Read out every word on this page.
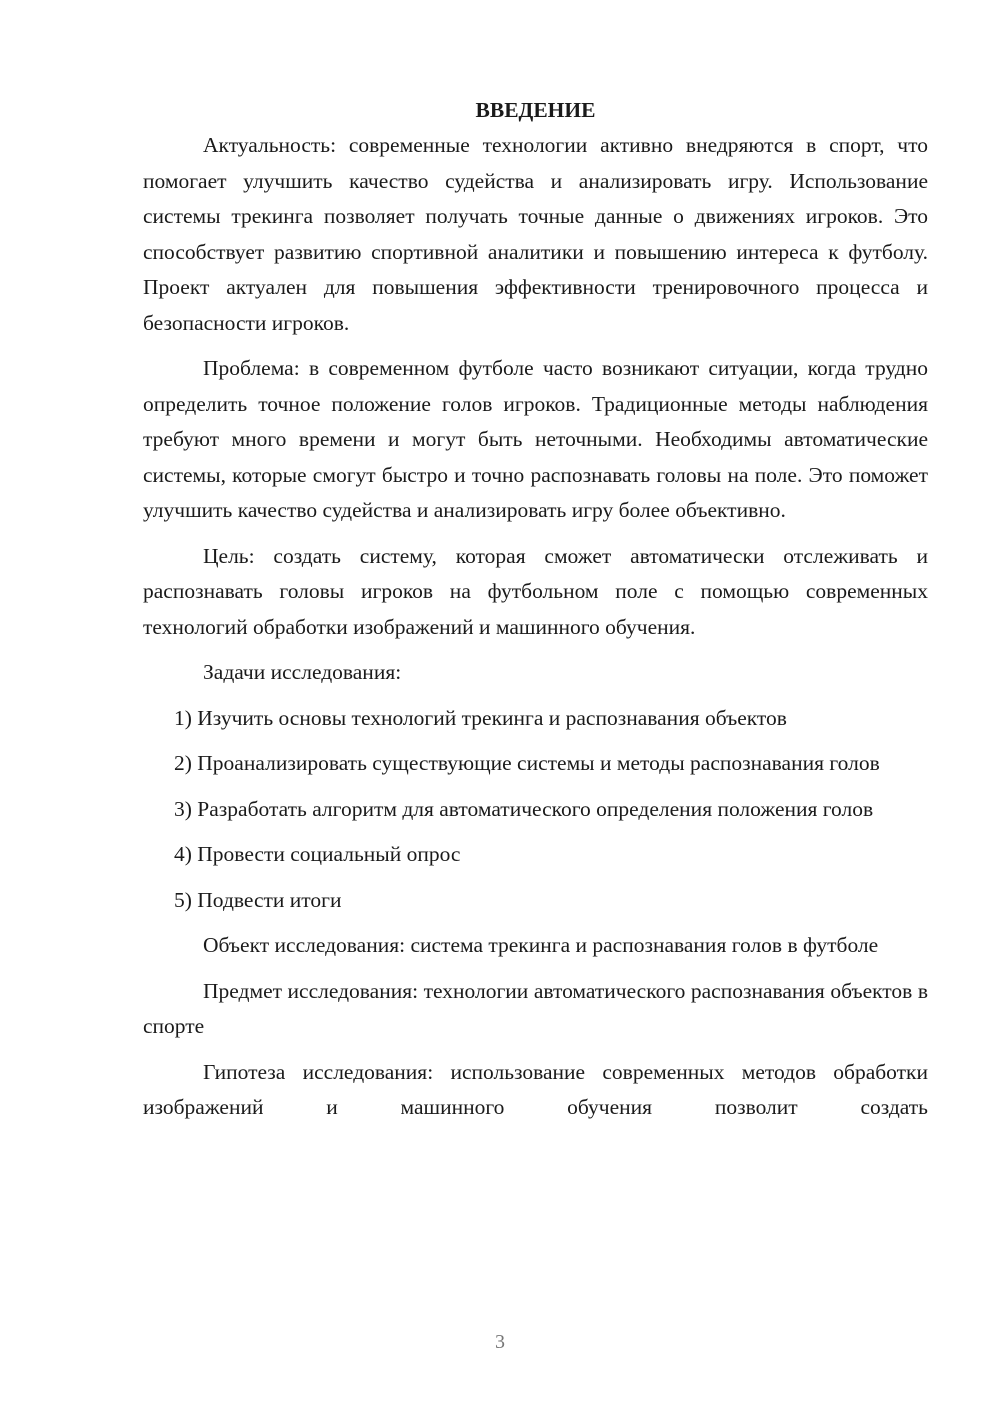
ВВЕДЕНИЕ

Актуальность: современные технологии активно внедряются в спорт, что помогает улучшить качество судейства и анализировать игру. Использование системы трекинга позволяет получать точные данные о движениях игроков. Это способствует развитию спортивной аналитики и повышению интереса к футболу. Проект актуален для повышения эффективности тренировочного процесса и безопасности игроков.

Проблема: в современном футболе часто возникают ситуации, когда трудно определить точное положение голов игроков. Традиционные методы наблюдения требуют много времени и могут быть неточными. Необходимы автоматические системы, которые смогут быстро и точно распознавать головы на поле. Это поможет улучшить качество судейства и анализировать игру более объективно.

Цель: создать систему, которая сможет автоматически отслеживать и распознавать головы игроков на футбольном поле с помощью современных технологий обработки изображений и машинного обучения.

Задачи исследования:

1) Изучить основы технологий трекинга и распознавания объектов

2) Проанализировать существующие системы и методы распознавания голов

3) Разработать алгоритм для автоматического определения положения голов

4) Провести социальный опрос

5) Подвести итоги

Объект исследования: система трекинга и распознавания голов в футболе

Предмет исследования: технологии автоматического распознавания объектов в спорте

Гипотеза исследования: использование современных методов обработки изображений и машинного обучения позволит создать

3
